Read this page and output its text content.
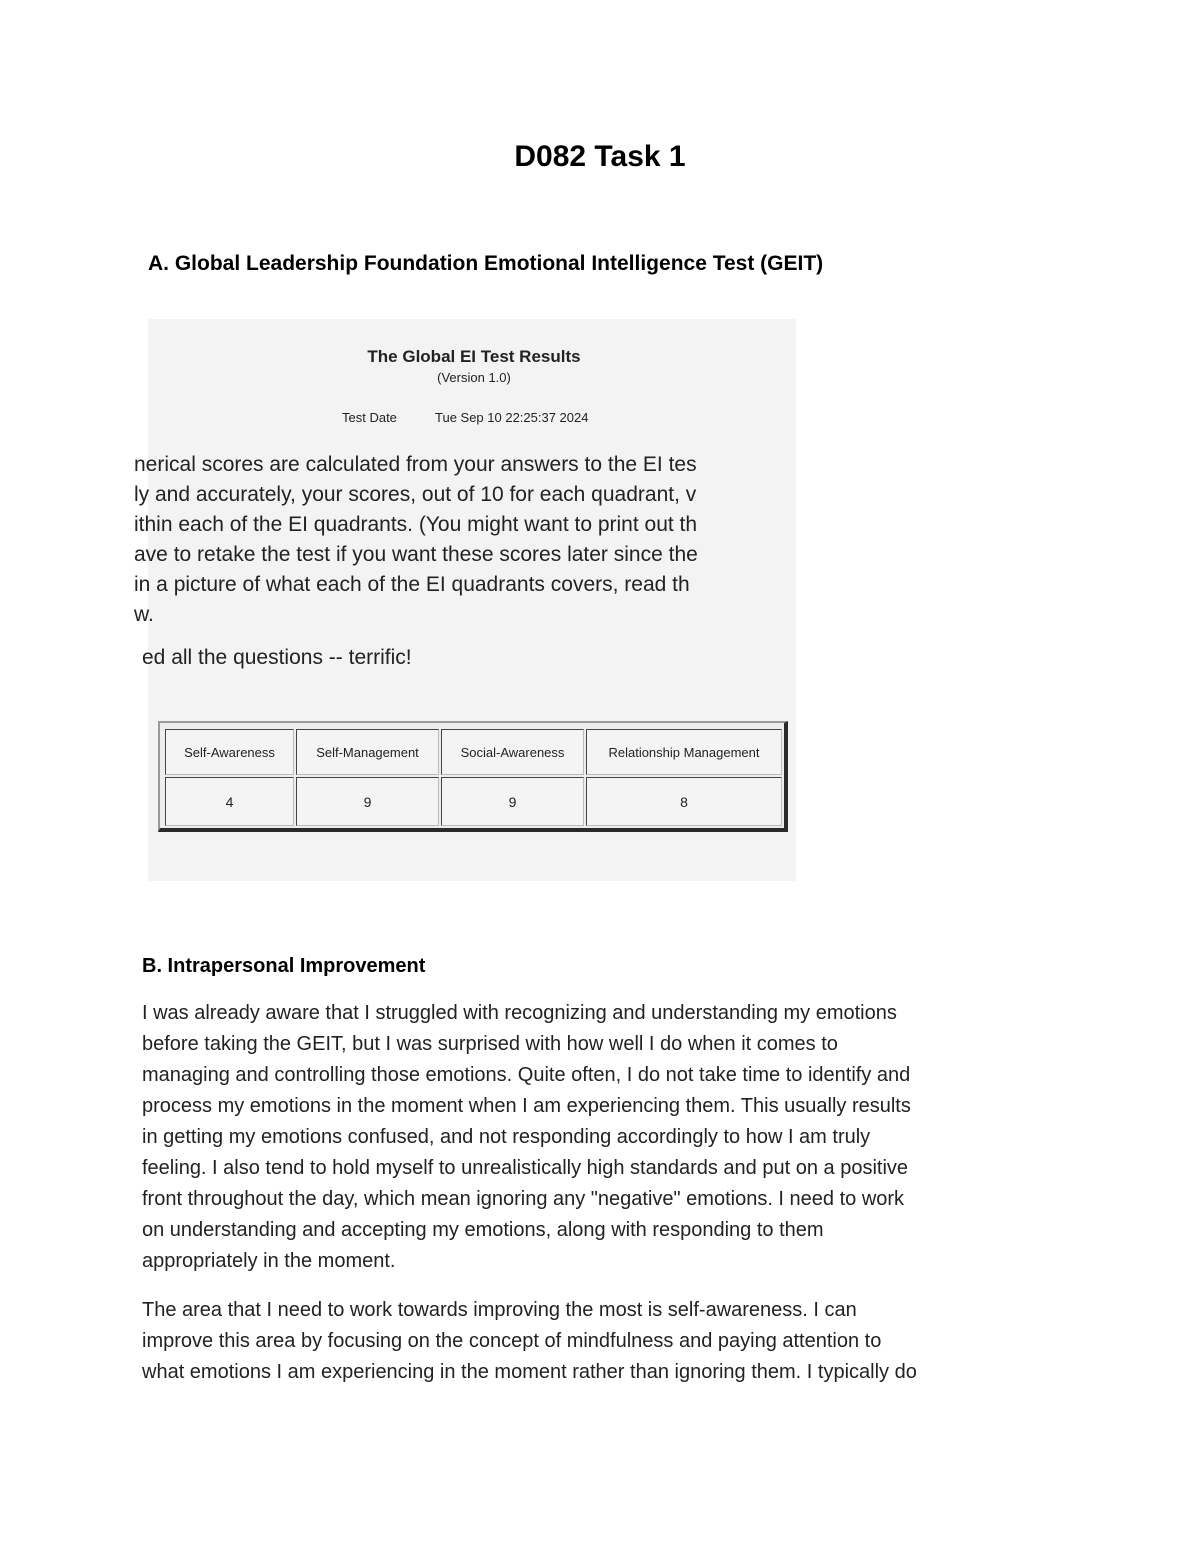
D082 Task 1
A. Global Leadership Foundation Emotional Intelligence Test (GEIT)
The Global EI Test Results
(Version 1.0)
Test Date	Tue Sep 10 22:25:37 2024
nerical scores are calculated from your answers to the EI tes
ly and accurately, your scores, out of 10 for each quadrant, v
ithin each of the EI quadrants. (You might want to print out th
ave to retake the test if you want these scores later since the
in a picture of what each of the EI quadrants covers, read th
w.
ed all the questions -- terrific!
Self-Awareness	Self-Management	Social-Awareness	Relationship Management
4	9	9	8
B. Intrapersonal Improvement
I was already aware that I struggled with recognizing and understanding my emotions
before taking the GEIT, but I was surprised with how well I do when it comes to
managing and controlling those emotions. Quite often, I do not take time to identify and
process my emotions in the moment when I am experiencing them. This usually results
in getting my emotions confused, and not responding accordingly to how I am truly
feeling. I also tend to hold myself to unrealistically high standards and put on a positive
front throughout the day, which mean ignoring any "negative" emotions. I need to work
on understanding and accepting my emotions, along with responding to them
appropriately in the moment.
The area that I need to work towards improving the most is self-awareness. I can
improve this area by focusing on the concept of mindfulness and paying attention to
what emotions I am experiencing in the moment rather than ignoring them. I typically do
